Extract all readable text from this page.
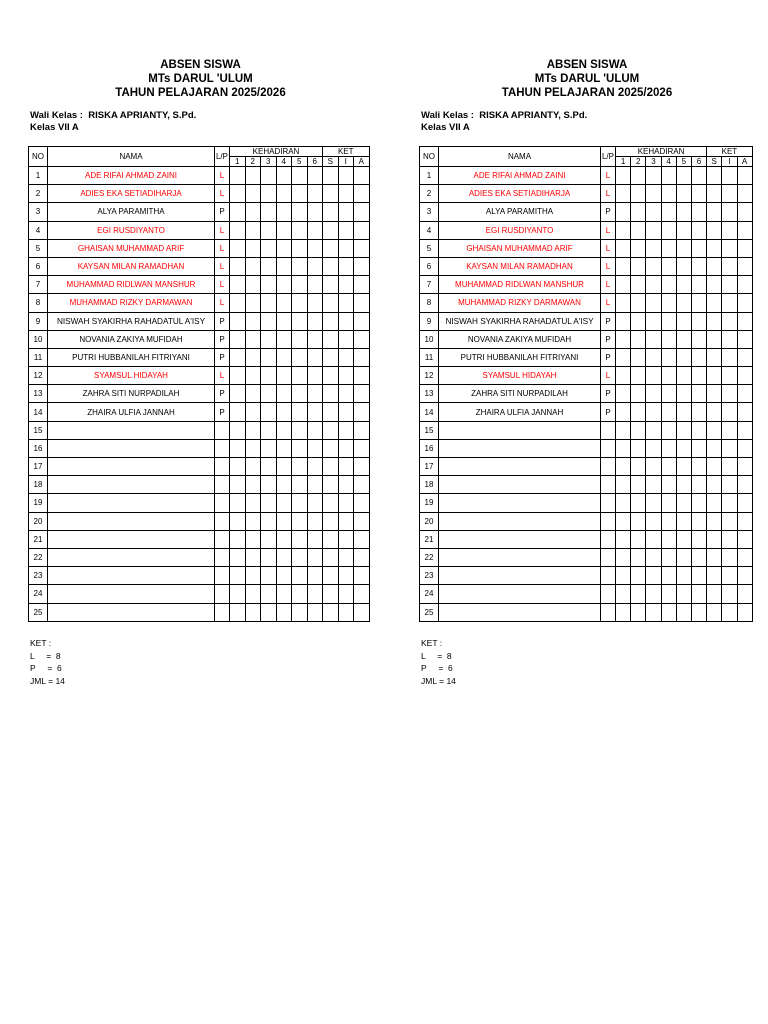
ABSEN SISWA
MTs DARUL 'ULUM
TAHUN PELAJARAN 2025/2026
Wali Kelas : RISKA APRIANTY, S.Pd.
Kelas VII A
NO	NAMA	L/P	KEHADIRAN						KET		
			1	2	3	4	5	6	S	I	A
1	ADE RIFAI AHMAD ZAINI	L									
2	ADIES EKA SETIADIHARJA	L									
3	ALYA PARAMITHA	P									
4	EGI RUSDIYANTO	L									
5	GHAISAN MUHAMMAD ARIF	L									
6	KAYSAN MILAN RAMADHAN	L									
7	MUHAMMAD RIDLWAN MANSHUR	L									
8	MUHAMMAD RIZKY DARMAWAN	L									
9	NISWAH SYAKIRHA RAHADATUL A'ISY	P									
10	NOVANIA ZAKIYA MUFIDAH	P									
11	PUTRI HUBBANILAH FITRIYANI	P									
12	SYAMSUL HIDAYAH	L									
13	ZAHRA SITI NURPADILAH	P									
14	ZHAIRA ULFIA JANNAH	P									
15											
16											
17											
18											
19											
20											
21											
22											
23											
24											
25											
KET :
L     =  8
P     =  6
JML = 14
ABSEN SISWA
MTs DARUL 'ULUM
TAHUN PELAJARAN 2025/2026
Wali Kelas : RISKA APRIANTY, S.Pd.
Kelas VII A
NO	NAMA	L/P	KEHADIRAN						KET		
			1	2	3	4	5	6	S	I	A
1	ADE RIFAI AHMAD ZAINI	L									
2	ADIES EKA SETIADIHARJA	L									
3	ALYA PARAMITHA	P									
4	EGI RUSDIYANTO	L									
5	GHAISAN MUHAMMAD ARIF	L									
6	KAYSAN MILAN RAMADHAN	L									
7	MUHAMMAD RIDLWAN MANSHUR	L									
8	MUHAMMAD RIZKY DARMAWAN	L									
9	NISWAH SYAKIRHA RAHADATUL A'ISY	P									
10	NOVANIA ZAKIYA MUFIDAH	P									
11	PUTRI HUBBANILAH FITRIYANI	P									
12	SYAMSUL HIDAYAH	L									
13	ZAHRA SITI NURPADILAH	P									
14	ZHAIRA ULFIA JANNAH	P									
15											
16											
17											
18											
19											
20											
21											
22											
23											
24											
25											
KET :
L     =  8
P     =  6
JML = 14
